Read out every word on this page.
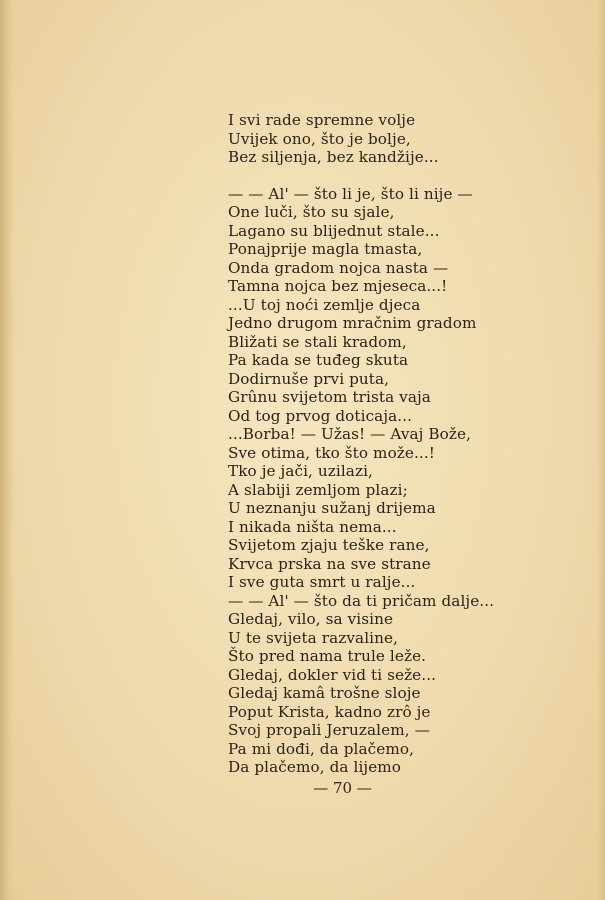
I svi rade spremne volje
Uvijek ono, što je bolje,
Bez siljenja, bez kandžije...
— — Al' — što li je, što li nije —
One luči, što su sjale,
Lagano su blijednut stale...
Ponajprije magla tmasta,
Onda gradom nojca nasta —
Tamna nojca bez mjeseca...!
...U toj noći zemlje djeca
Jedno drugom mračnim gradom
Bližati se stali kradom,
Pa kada se tuđeg skuta
Dodirnuše prvi puta,
Grûnu svijetom trista vaja
Od tog prvog doticaja...
...Borba! — Užas! — Avaj Bože,
Sve otima, tko što može...!
Tko je jači, uzilazi,
A slabiji zemljom plazi;
U neznanju sužanj drijema
I nikada ništa nema...
Svijetom zjaju teške rane,
Krvca prska na sve strane
I sve guta smrt u ralje...
— — Al' — što da ti pričam dalje...
Gledaj, vilo, sa visine
U te svijeta razvaline,
Što pred nama trule leže.
Gledaj, dokler vid ti seže...
Gledaj kamâ trošne sloje
Poput Krista, kadno zrô je
Svoj propali Jeruzalem, —
Pa mi dođi, da plačemo,
Da plačemo, da lijemo
— 70 —
